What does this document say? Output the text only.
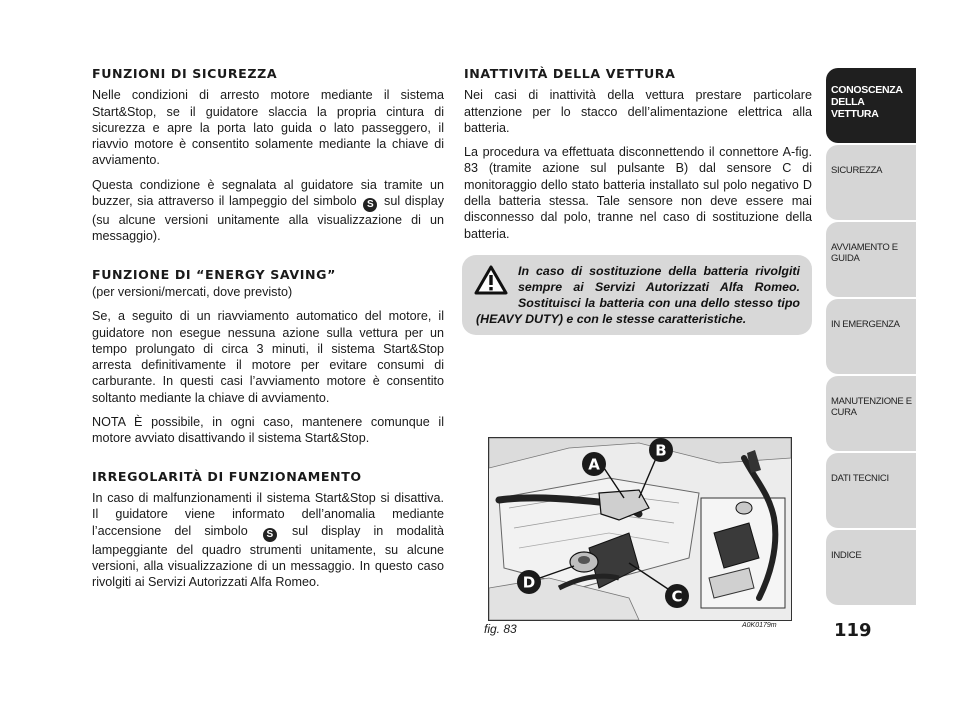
FUNZIONI DI SICUREZZA

Nelle condizioni di arresto motore mediante il sistema Start&Stop, se il guidatore slaccia la propria cintura di sicurezza e apre la porta lato guida o lato passeggero, il riavvio motore è consentito solamente mediante la chiave di avviamento.

Questa condizione è segnalata al guidatore sia tramite un buzzer, sia attraverso il lampeggio del simbolo S sul display (su alcune versioni unitamente alla visualizzazione di un messaggio).

FUNZIONE DI “ENERGY SAVING”

(per versioni/mercati, dove previsto)

Se, a seguito di un riavviamento automatico del motore, il guidatore non esegue nessuna azione sulla vettura per un tempo prolungato di circa 3 minuti, il sistema Start&Stop arresta definitivamente il motore per evitare consumi di carburante. In questi casi l’avviamento motore è consentito soltanto mediante la chiave di avviamento.

NOTA È possibile, in ogni caso, mantenere comunque il motore avviato disattivando il sistema Start&Stop.

IRREGOLARITÀ DI FUNZIONAMENTO

In caso di malfunzionamenti il sistema Start&Stop si disattiva. Il guidatore viene informato dell’anomalia mediante l’accensione del simbolo S sul display in modalità lampeggiante del quadro strumenti unitamente, su alcune versioni, alla visualizzazione di un messaggio. In questo caso rivolgiti ai Servizi Autorizzati Alfa Romeo.

INATTIVITÀ DELLA VETTURA

Nei casi di inattività della vettura prestare particolare attenzione per lo stacco dell’alimentazione elettrica alla batteria.

La procedura va effettuata disconnettendo il connettore A-fig. 83 (tramite azione sul pulsante B) dal sensore C di monitoraggio dello stato batteria installato sul polo negativo D della batteria stessa. Tale sensore non deve essere mai disconnesso dal polo, tranne nel caso di sostituzione della batteria.

In caso di sostituzione della batteria rivolgiti sempre ai Servizi Autorizzati Alfa Romeo. Sostituisci la batteria con una dello stesso tipo (HEAVY DUTY) e con le stesse caratteristiche.
A
B
C
D
fig. 83	A0K0179m
CONOSCENZA DELLA VETTURA
SICUREZZA
AVVIAMENTO E GUIDA
IN EMERGENZA
MANUTENZIONE E CURA
DATI TECNICI
INDICE
119
